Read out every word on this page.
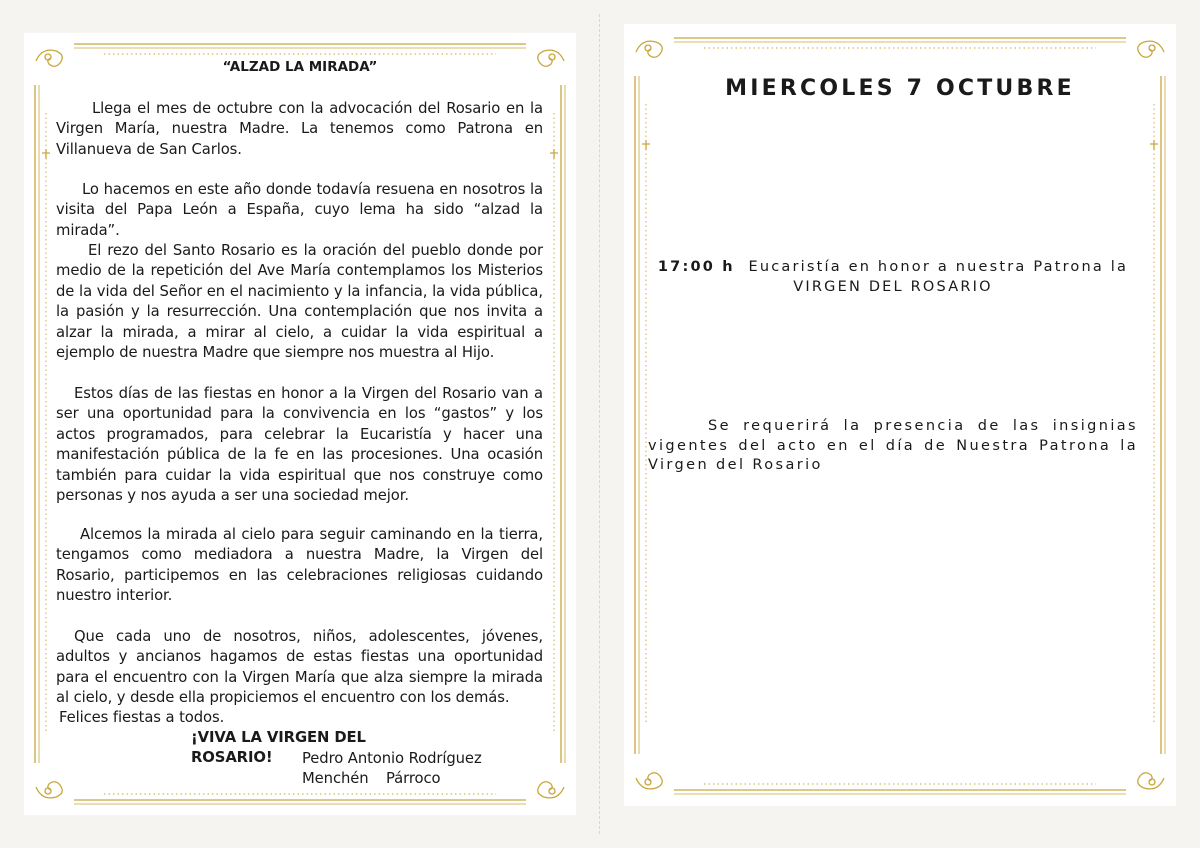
“ALZAD LA MIRADA”
Llega el mes de octubre con la advocación del Rosario en la Virgen María, nuestra Madre. La tenemos como Patrona en Villanueva de San Carlos.
Lo hacemos en este año donde todavía resuena en nosotros la visita del Papa León a España, cuyo lema ha sido “alzad la mirada”.
El rezo del Santo Rosario es la oración del pueblo donde por medio de la repetición del Ave María contemplamos los Misterios de la vida del Señor en el nacimiento y la infancia, la vida pública, la pasión y la resurrección. Una contemplación que nos invita a alzar la mirada, a mirar al cielo, a cuidar la vida espiritual a ejemplo de nuestra Madre que siempre nos muestra al Hijo.
Estos días de las fiestas en honor a la Virgen del Rosario van a ser una oportunidad para la convivencia en los “gastos” y los actos programados, para celebrar la Eucaristía y hacer una manifestación pública de la fe en las procesiones. Una ocasión también para cuidar la vida espiritual que nos construye como personas y nos ayuda a ser una sociedad mejor.
Alcemos la mirada al cielo para seguir caminando en la tierra, tengamos como mediadora a nuestra Madre, la Virgen del Rosario, participemos en las celebraciones religiosas cuidando nuestro interior.
Que cada uno de nosotros, niños, adolescentes, jóvenes, adultos y ancianos hagamos de estas fiestas una oportunidad para el encuentro con la Virgen María que alza siempre la mirada al cielo, y desde ella propiciemos el encuentro con los demás.
Felices fiestas a todos.
¡VIVA LA VIRGEN DEL ROSARIO!	Pedro Antonio Rodríguez Menchén	Párroco
MIERCOLES 7 OCTUBRE
17:00 h Eucaristía en honor a nuestra Patrona la
VIRGEN DEL ROSARIO
Se requerirá la presencia de las insignias vigentes del acto en el día de Nuestra Patrona la Virgen del Rosario
